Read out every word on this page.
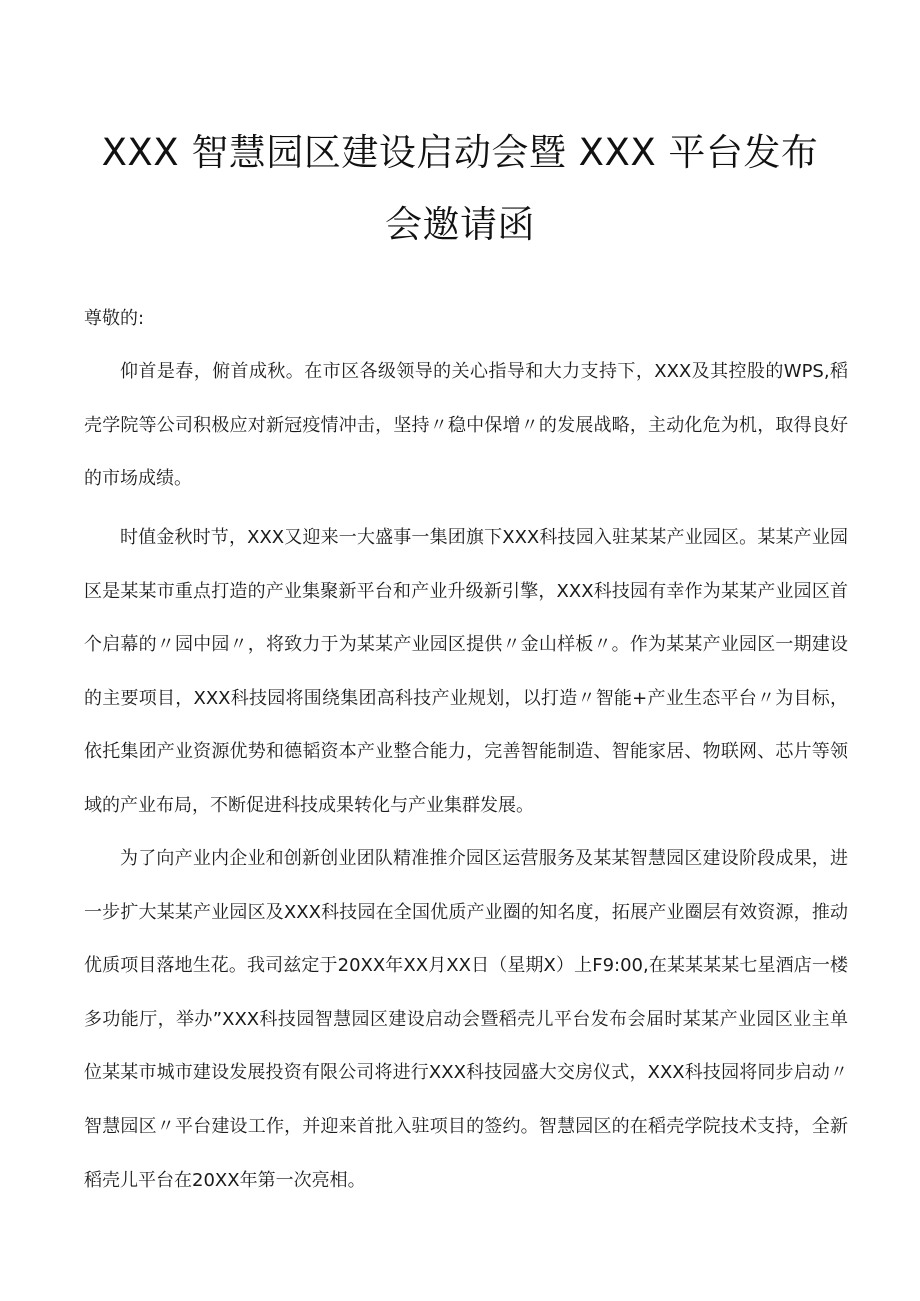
XXX 智慧园区建设启动会暨 XXX 平台发布
会邀请函
尊敬的:

仰首是春，俯首成秋。在市区各级领导的关心指导和大力支持下，XXX及其控股的WPS,稻壳学院等公司积极应对新冠疫情冲击，坚持〃稳中保增〃的发展战略，主动化危为机，取得良好的市场成绩。

时值金秋时节，XXX又迎来一大盛事一集团旗下XXX科技园入驻某某产业园区。某某产业园区是某某市重点打造的产业集聚新平台和产业升级新引擎，XXX科技园有幸作为某某产业园区首个启幕的〃园中园〃，将致力于为某某产业园区提供〃金山样板〃。作为某某产业园区一期建设的主要项目，XXX科技园将围绕集团高科技产业规划，以打造〃智能+产业生态平台〃为目标，依托集团产业资源优势和德韬资本产业整合能力，完善智能制造、智能家居、物联网、芯片等领域的产业布局，不断促进科技成果转化与产业集群发展。

为了向产业内企业和创新创业团队精准推介园区运营服务及某某智慧园区建设阶段成果，进一步扩大某某产业园区及XXX科技园在全国优质产业圈的知名度，拓展产业圈层有效资源，推动优质项目落地生花。我司兹定于20XX年XX月XX日（星期X）上F9:00,在某某某某七星酒店一楼多功能厅，举办”XXX科技园智慧园区建设启动会暨稻壳儿平台发布会届时某某产业园区业主单位某某市城市建设发展投资有限公司将进行XXX科技园盛大交房仪式，XXX科技园将同步启动〃智慧园区〃平台建设工作，并迎来首批入驻项目的签约。智慧园区的在稻壳学院技术支持，全新稻壳儿平台在20XX年第一次亮相。
